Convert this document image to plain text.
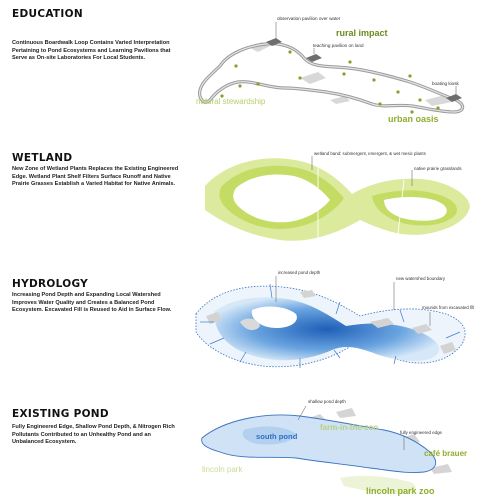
EDUCATION

Continuous Boardwalk Loop Contains Varied Interpretation Pertaining to Pond Ecosystems and Learning Pavilions that Serve as On-site Laboratories For Local Students.

observation pavilion over water
teaching pavilion on land
boating kiosk
rural impact
natural stewardship
urban oasis
WETLAND

New Zone of Wetland Plants Replaces the Existing Engineered Edge. Wetland Plant Shelf Filters Surface Runoff and Native Prairie Grasses Establish a Varied Habitat for Native Animals.

wetland band: submergent, emergent, & wet mesic plants
native prairie grasslands
HYDROLOGY

Increasing Pond Depth and Expanding Local Watershed Improves Water Quality and Creates a Balanced Pond Ecosystem. Excavated Fill is Reused to Aid in Surface Flow.

increased pond depth
new watershed boundary
mounds from excavated fill
EXISTING POND

Fully Engineered Edge, Shallow Pond Depth, & Nitrogen Rich Pollutants Contributed to an Unhealthy Pond and an Unbalanced Ecosystem.

shallow pond depth
fully engineered edge
south pond
farm-in-the-zoo
café brauer
lincoln park
lincoln park zoo
